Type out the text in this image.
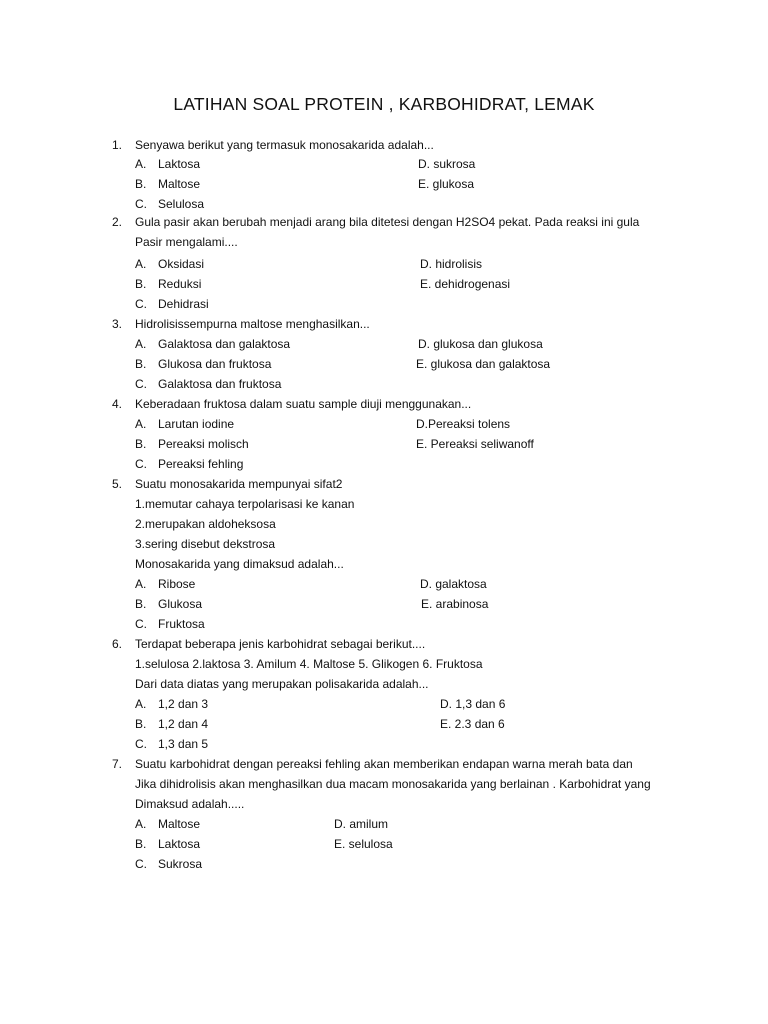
LATIHAN SOAL PROTEIN , KARBOHIDRAT, LEMAK
1. Senyawa berikut yang termasuk monosakarida adalah...
A. Laktosa	D. sukrosa
B. Maltose	E. glukosa
C. Selulosa
2. Gula pasir akan berubah menjadi arang bila ditetesi dengan H2SO4 pekat. Pada reaksi ini gula
Pasir mengalami....
A. Oksidasi	D. hidrolisis
B. Reduksi	E. dehidrogenasi
C. Dehidrasi
3. Hidrolisissempurna maltose menghasilkan...
A. Galaktosa dan galaktosa	D. glukosa dan glukosa
B. Glukosa dan fruktosa	E. glukosa dan galaktosa
C. Galaktosa dan fruktosa
4. Keberadaan fruktosa dalam suatu sample diuji menggunakan...
A. Larutan iodine	D.Pereaksi tolens
B. Pereaksi molisch	E. Pereaksi seliwanoff
C. Pereaksi fehling
5. Suatu monosakarida mempunyai sifat2
1.memutar cahaya terpolarisasi ke kanan
2.merupakan aldoheksosa
3.sering disebut dekstrosa
Monosakarida yang dimaksud adalah...
A. Ribose	D. galaktosa
B. Glukosa	E. arabinosa
C. Fruktosa
6. Terdapat beberapa jenis karbohidrat sebagai berikut....
1.selulosa 2.laktosa 3. Amilum 4. Maltose 5. Glikogen 6. Fruktosa
Dari data diatas yang merupakan polisakarida adalah...
A. 1,2 dan 3	D. 1,3 dan 6
B. 1,2 dan 4	E. 2.3 dan 6
C. 1,3 dan 5
7. Suatu karbohidrat dengan pereaksi fehling akan memberikan endapan warna merah bata dan
Jika dihidrolisis akan menghasilkan dua macam monosakarida yang berlainan . Karbohidrat yang
Dimaksud adalah.....
A. Maltose	D. amilum
B. Laktosa	E. selulosa
C. Sukrosa
